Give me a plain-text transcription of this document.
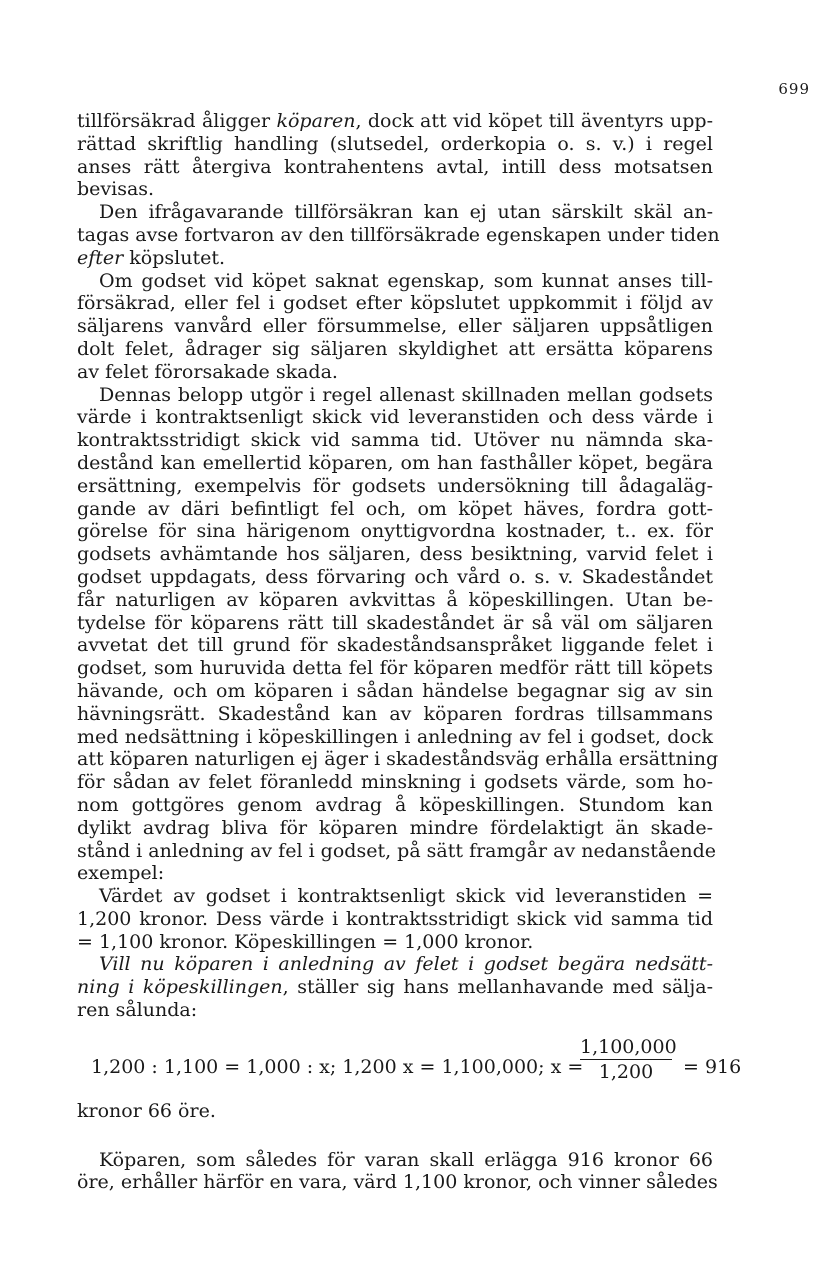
699
tillförsäkrad åligger köparen, dock att vid köpet till äventyrs upp-
rättad skriftlig handling (slutsedel, orderkopia o. s. v.) i regel
anses rätt återgiva kontrahentens avtal, intill dess motsatsen
bevisas.
Den ifrågavarande tillförsäkran kan ej utan särskilt skäl an-
tagas avse fortvaron av den tillförsäkrade egenskapen under tiden
efter köpslutet.
Om godset vid köpet saknat egenskap, som kunnat anses till-
försäkrad, eller fel i godset efter köpslutet uppkommit i följd av
säljarens vanvård eller försummelse, eller säljaren uppsåtligen
dolt felet, ådrager sig säljaren skyldighet att ersätta köparens
av felet förorsakade skada.
Dennas belopp utgör i regel allenast skillnaden mellan godsets
värde i kontraktsenligt skick vid leveranstiden och dess värde i
kontraktsstridigt skick vid samma tid. Utöver nu nämnda ska-
destånd kan emellertid köparen, om han fasthåller köpet, begära
ersättning, exempelvis för godsets undersökning till ådagaläg-
gande av däri befintligt fel och, om köpet häves, fordra gott-
görelse för sina härigenom onyttigvordna kostnader, t.. ex. för
godsets avhämtande hos säljaren, dess besiktning, varvid felet i
godset uppdagats, dess förvaring och vård o. s. v. Skadeståndet
får naturligen av köparen avkvittas å köpeskillingen. Utan be-
tydelse för köparens rätt till skadeståndet är så väl om säljaren
avvetat det till grund för skadeståndsanspråket liggande felet i
godset, som huruvida detta fel för köparen medför rätt till köpets
hävande, och om köparen i sådan händelse begagnar sig av sin
hävningsrätt. Skadestånd kan av köparen fordras tillsammans
med nedsättning i köpeskillingen i anledning av fel i godset, dock
att köparen naturligen ej äger i skadeståndsväg erhålla ersättning
för sådan av felet föranledd minskning i godsets värde, som ho-
nom gottgöres genom avdrag å köpeskillingen. Stundom kan
dylikt avdrag bliva för köparen mindre fördelaktigt än skade-
stånd i anledning av fel i godset, på sätt framgår av nedanstående
exempel:
Värdet av godset i kontraktsenligt skick vid leveranstiden =
1,200 kronor. Dess värde i kontraktsstridigt skick vid samma tid
= 1,100 kronor. Köpeskillingen = 1,000 kronor.
Vill nu köparen i anledning av felet i godset begära nedsätt-
ning i köpeskillingen, ställer sig hans mellanhavande med sälja-
ren sålunda:
1,200 : 1,100 = 1,000 : x; 1,200 x = 1,100,000; x =
$\frac{1,100,000}{1,200} = 916$
kronor 66 öre.
Köparen, som således för varan skall erlägga 916 kronor 66
öre, erhåller härför en vara, värd 1,100 kronor, och vinner således
